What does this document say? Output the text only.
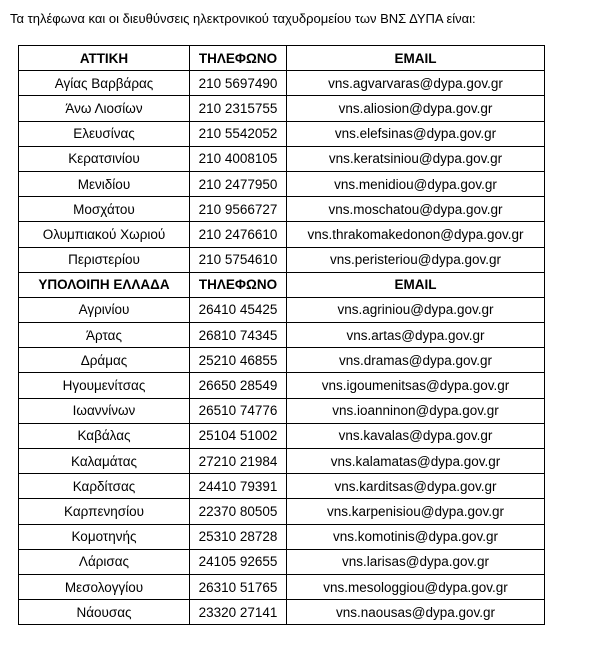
Τα τηλέφωνα και οι διευθύνσεις ηλεκτρονικού ταχυδρομείου των ΒΝΣ ΔΥΠΑ είναι:
ΑΤΤΙΚΗ	ΤΗΛΕΦΩΝΟ	EMAIL
Αγίας Βαρβάρας	210 5697490	vns.agvarvaras@dypa.gov.gr
Άνω Λιοσίων	210 2315755	vns.aliosion@dypa.gov.gr
Ελευσίνας	210 5542052	vns.elefsinas@dypa.gov.gr
Κερατσινίου	210 4008105	vns.keratsiniou@dypa.gov.gr
Μενιδίου	210 2477950	vns.menidiou@dypa.gov.gr
Μοσχάτου	210 9566727	vns.moschatou@dypa.gov.gr
Ολυμπιακού Χωριού	210 2476610	vns.thrakomakedonon@dypa.gov.gr
Περιστερίου	210 5754610	vns.peristeriou@dypa.gov.gr
ΥΠΟΛΟΙΠΗ ΕΛΛΑΔΑ	ΤΗΛΕΦΩΝΟ	EMAIL
Αγρινίου	26410 45425	vns.agriniou@dypa.gov.gr
Άρτας	26810 74345	vns.artas@dypa.gov.gr
Δράμας	25210 46855	vns.dramas@dypa.gov.gr
Ηγουμενίτσας	26650 28549	vns.igoumenitsas@dypa.gov.gr
Ιωαννίνων	26510 74776	vns.ioanninon@dypa.gov.gr
Καβάλας	25104 51002	vns.kavalas@dypa.gov.gr
Καλαμάτας	27210 21984	vns.kalamatas@dypa.gov.gr
Καρδίτσας	24410 79391	vns.karditsas@dypa.gov.gr
Καρπενησίου	22370 80505	vns.karpenisiou@dypa.gov.gr
Κομοτηνής	25310 28728	vns.komotinis@dypa.gov.gr
Λάρισας	24105 92655	vns.larisas@dypa.gov.gr
Μεσολογγίου	26310 51765	vns.mesologgiou@dypa.gov.gr
Νάουσας	23320 27141	vns.naousas@dypa.gov.gr
